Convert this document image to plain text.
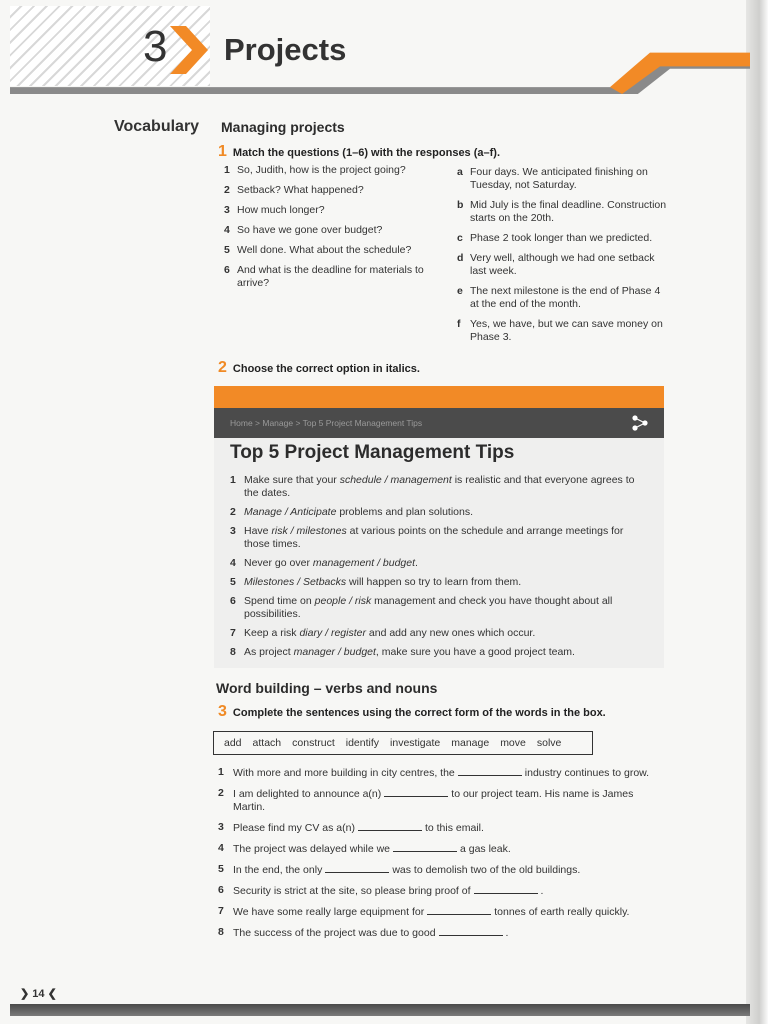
3 Projects
Vocabulary Managing projects
1 Match the questions (1–6) with the responses (a–f).
1 So, Judith, how is the project going?
2 Setback? What happened?
3 How much longer?
4 So have we gone over budget?
5 Well done. What about the schedule?
6 And what is the deadline for materials to arrive?
a Four days. We anticipated finishing on Tuesday, not Saturday.
b Mid July is the final deadline. Construction starts on the 20th.
c Phase 2 took longer than we predicted.
d Very well, although we had one setback last week.
e The next milestone is the end of Phase 4 at the end of the month.
f Yes, we have, but we can save money on Phase 3.
2 Choose the correct option in italics.
Home > Manage > Top 5 Project Management Tips
Top 5 Project Management Tips
1 Make sure that your schedule / management is realistic and that everyone agrees to the dates.
2 Manage / Anticipate problems and plan solutions.
3 Have risk / milestones at various points on the schedule and arrange meetings for those times.
4 Never go over management / budget.
5 Milestones / Setbacks will happen so try to learn from them.
6 Spend time on people / risk management and check you have thought about all possibilities.
7 Keep a risk diary / register and add any new ones which occur.
8 As project manager / budget, make sure you have a good project team.
Word building – verbs and nouns
3 Complete the sentences using the correct form of the words in the box.
add attach construct identify investigate manage move solve
1 With more and more building in city centres, the	industry continues to grow.
2 I am delighted to announce a(n)	to our project team. His name is James Martin.
3 Please find my CV as a(n)	to this email.
4 The project was delayed while we	a gas leak.
5 In the end, the only	was to demolish two of the old buildings.
6 Security is strict at the site, so please bring proof of	.
7 We have some really large equipment for	tonnes of earth really quickly.
8 The success of the project was due to good	.
❯ 14 ❮
